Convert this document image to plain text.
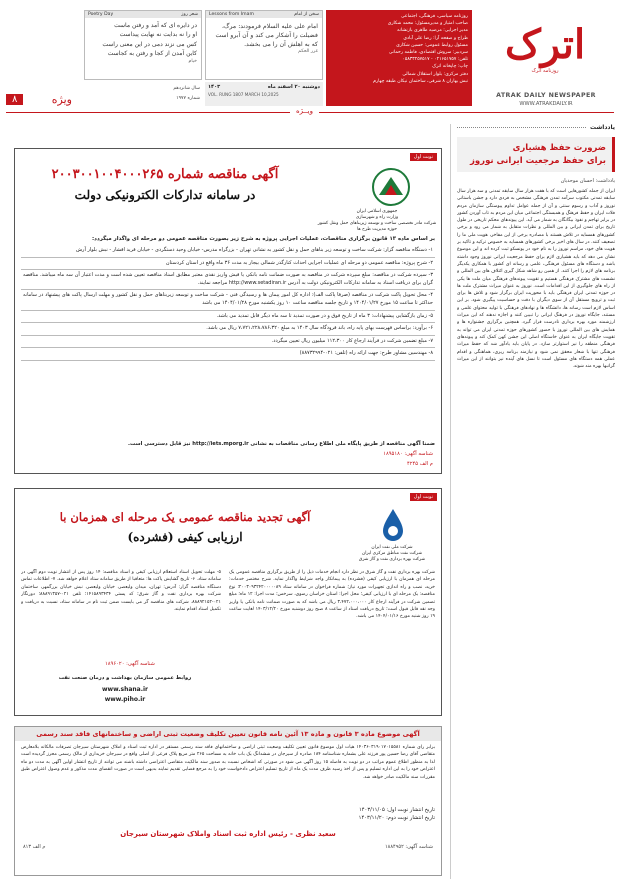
اترک
روزنامه اترک
ATRAK DAILY NEWSPAPER
WWW.ATRAKDAILY.IR
روزنامه سیاسی، فرهنگی، اجتماعی
صاحب امتیاز و مدیرمسئول: محمد شکاری
مدیر اجرایی: مرضیه طاهری بازنشانه
طراح و صفحه آرا: رضا علی آبادی
مسئول روابط عمومی: حسین شکاری
سردبیر: سروش اقتصادی، فاطمه رحمانی
تلفن: ۰۲۱۶۵۱۷۵۷ - ۰۵۸۳۳۲۵۷۵۱۷
چاپ: چاپخانه اترک
دفتر مرکزی: بلوار استقلال شمالی
نبش بهاران ۸ شرقی، ساختمان نیکان طبقه چهارم
سخن از امام
Lessons from Imam
امام علی علیه السلام فرمودند: مرگ، فضیلت را آشکار می کند و آن آبرو است که به اهلش آن را می بخشد.
غرر الحکم
شعر روز
Poetry Day
در دایره ای که آمد و رفتن ماست
او را نه بدایت نه نهایت پیداست
کس می نزند دمی در این معنی راست
کاین آمدن از کجا و رفتن به کجاست
خیام
دوشنبه ۲۰ اسفند ماه
۱۴۰۳
VOL. RUNG 1807 MARCH 10,2025
سال شانزدهم
شماره ۱۹۷۷
ویژه
۸
ویــژه
یادداشت
ضرورت حفظ هشیاری
برای حفظ مرجعیت ایرانی نوروز
یادداشت: احسان موحدیان
ایران از جمله کشورهایی است که با هفت هزار سال سابقه تمدنی و سه هزار سال سابقه تمدنی مکتوب سرآمد تمدن فرهنگی مشخص به فردی دارد و جشن باستانی نوروز و آداب و رسوم سنتی و آن از جمله عوامل تداوم پیوستگی سازمان مردم فلات ایران و حفظ فرهنگ و همبستگی اجتماعی میان این مردم به تاب آوردن کشور در برابر تهاجم و نفوذ بیگانگان به شمار می آید. این پیوندهای محکم تاریخی در طول تاریخ برای تمدن ایرانی و بین المللی و نظرات متقابل به شمار می رود و برخی کشورهای همسایه در تلاش هستند با مصادره برخی از این مفاخر، هویت ملی ما را تضعیف کنند. در سال های اخیر برخی کشورهای همسایه به خصوص ترکیه و تاکید بر هویت های خود، مراسم نوروز را به نام خود در یونسکو ثبت کرده اند و این موضوع نشان می دهد که باید هشیاری لازم برای حفظ مرجعیت ایرانی نوروز وجود داشته باشد و دستگاه های مسئول فرهنگی، علمی و رسانه ای کشور با همکاری یکدیگر برنامه های لازم را اجرا کنند. از همین رو شاهد شکل گیری ائتلاف های بین المللی و نشست های مشترک فرهنگی هستیم و تقویت پیوندهای فرهنگی میان ملت ها یکی از راه های جلوگیری از این اقدامات است. نوروز به عنوان میراث مشترک ملت ها در حوزه تمدنی ایران فرهنگی باید با محوریت ایران برگزار شود و تلاش ها برای ثبت و ترویج مستقل آن از سوی دیگران با دقت و حساسیت پیگیری شود. بر این اساس لازم است رسانه ها، دانشگاه ها و نهادهای فرهنگی با تولید محتوای علمی و مستند، جایگاه نوروز در فرهنگ ایرانی را تبیین کنند و اجازه ندهند که این میراث ارزشمند مورد بهره برداری نادرست قرار گیرد. همچنین برگزاری جشنواره ها و همایش های بین المللی نوروز با حضور کشورهای حوزه تمدنی ایران می تواند به تقویت جایگاه ایران به عنوان خاستگاه اصلی این جشن کهن کمک کند و پیوندهای فرهنگی منطقه را نیز استوارتر سازد. در پایان باید یادآور شد که حفظ میراث فرهنگی تنها با شعار محقق نمی شود و نیازمند برنامه ریزی، هماهنگی و اقدام عملی همه دستگاه های مسئول است تا نسل های آینده نیز بتوانند از این میراث گرانبها بهره مند شوند.
نوبت اول
جمهوری اسلامی ایران
وزارت راه و شهرسازی
شرکت مادر تخصصی ساخت و توسعه زیربناهای حمل ونقل کشور
حوزه مدیریت طرح ها
آگهی مناقصه شماره ۲۰۰۳۰۰۱۰۰۴۰۰۰۲۶۵
در سامانه تدارکات الکترونیکی دولت
بر اساس ماده ۱۳ قانون برگزاری مناقصات، عملیات اجرایی پروژه به شرح زیر بصورت مناقصه عمومی دو مرحله ای واگذار میگردد:
۱- دستگاه مناقصه گزار: شرکت ساخت و توسعه زیر بناهای حمل و نقل کشور به نشانی تهران - بزرگراه مدرس- خیابان وحید دستگردی - خیابان فرید افشار - نبش بلوار آرش
۲- شرح پروژه: مناقصه عمومی دو مرحله ای عملیات اجرایی احداث کنارگذر شمالی بیجار به مدت ۳۶ ماه واقع در استان کردستان
۳- سپرده شرکت در مناقصه: مبلغ سپرده شرکت در مناقصه به صورت ضمانت نامه بانکی یا فیش واریز نقدی معتبر مطابق اسناد مناقصه تعیین شده است و مدت اعتبار آن سه ماه میباشد. مناقصه گران برای دریافت اسناد به سامانه تدارکات الکترونیکی دولت به آدرس http://www.setadiran.ir مراجعه نمایند.
۴- محل تحویل پاکت شرکت در مناقصه (صرفا پاکت الف): اداره کل امور پیمان ها و رسیدگی فنی - شرکت ساخت و توسعه زیربناهای حمل و نقل کشور و مهلت ارسال پاکت های پیشنهاد در سامانه حداکثر تا ساعت ۱۵ مورخ ۱۴۰۴/۰۱/۲۷ و تاریخ جلسه مناقصه ساعت ۱۰ روز یکشنبه مورخ ۱۴۰۴/۰۱/۲۸ می باشد
۵- زمان بازگشایی پیشنهادات: ۳ ماه از تاریخ فوق و در صورت تمدید تا سه ماه دیگر قابل تمدید می باشد.
۶- برآورد: براساس فهرست بهای پایه راه، باند فرودگاه سال ۱۴۰۳ به مبلغ ۷،۷۲۱،۲۲۸،۷۸۶،۳۲۰ ریال می باشد.
۷- مبلغ تضمین شرکت در فرآیند ارجاع کار ۱۱۲،۳۰۰ میلیون ریال تعیین میگردد.
۸- مهندسین مشاور طرح: جهت ارائه راه (تلفن: ۰۲۱-۸۸۷۳۲۹۹۴)
ضمنا آگهی مناقصه از طریق پایگاه ملی اطلاع رسانی مناقصات به نشانی http://iets.mporg.ir نیز قابل دسترسی است.
شناسه آگهی: ۱۸۹۵۱۸۰
م الف ۴۲۴۵
نوبت اول
شرکت ملی نفت ایران
شرکت نفت مناطق مرکزی ایران
شرکت بهره برداری نفت و گاز شرق
آگهی تجدید مناقصه عمومی یک مرحله ای همزمان با
ارزیابی کیفی (فشرده)
شرکت بهره برداری نفت و گاز شرق در نظر دارد انجام خدمات ذیل را از طریق برگزاری مناقصه عمومی یک مرحله ای همزمان با ارزیابی کیفی (فشرده) به پیمانکار واجد شرایط واگذار نماید. شرح مختصر خدمات: خرید، نصب و راه اندازی تجهیزات مورد نیاز؛ شماره فراخوان در سامانه ستاد ۲۰۰۳۰۹۳۲۴۲۰۰۰۰۰۸۹؛ نوع مناقصه: یک مرحله ای با ارزیابی کیفی؛ محل اجرا: استان خراسان رضوی، سرخس؛ مدت اجرا: ۱۲ ماه؛ مبلغ تضمین شرکت در فرآیند ارجاع کار ۳،۴۷۲،۰۰۰،۰۰۰ ریال می باشد که به صورت ضمانت نامه بانکی یا واریز وجه نقد قابل قبول است؛ تاریخ دریافت اسناد از ساعت ۸ صبح روز دوشنبه مورخ ۱۴۰۳/۱۲/۲۰ لغایت ساعت ۱۹ روز شنبه مورخ ۱۴۰۴/۰۱/۱۶ می باشد.
۵- مهلت تحویل اسناد استعلام ارزیابی کیفی و اسناد مناقصه: ۱۴ روز پس از انتشار نوبت دوم آگهی در سامانه ستاد. ۶- تاریخ گشایش پاکت ها: متعاقبا از طریق سامانه ستاد اعلام خواهد شد. ۷- اطلاعات تماس دستگاه مناقصه گزار: آدرس: تهران، میدان ولیعصر، خیابان ولیعصر، نبش خیابان بزرگمهر، ساختمان شرکت بهره برداری نفت و گاز شرق؛ کد پستی ۱۴۱۵۸۹۳۴۳۴؛ تلفن ۰۲۱-۸۸۸۹۱۳۵۷؛ دورنگار ۰۲۱-۸۸۸۹۲۱۵۲. شرکت های مناقصه گر می بایست ضمن ثبت نام در سامانه ستاد، نسبت به دریافت و تکمیل اسناد اقدام نمایند.
شناسه آگهی: ۱۸۹۶۰۲۰
روابط عمومی سازمان بهداشت و درمان صنعت نفت
www.shana.ir
www.piho.ir
آگهی موضوع ماده ۳ قانون و ماده ۱۳ آئین نامه قانون تعیین تکلیف وضعیت ثبتی اراضی و ساختمانهای فاقد سند رسمی
برابر رای شماره ۱۴۰۳۶۰۳۱۹۰۱۷۰۱۵۵۸۱ هیات اول موضوع قانون تعیین تکلیف وضعیت ثبتی اراضی و ساختمانهای فاقد سند رسمی مستقر در اداره ثبت اسناد و املاک شهرستان سیرجان تصرفات مالکانه بلامعارض متقاضی آقای رضا حسین پور فرزند علی بشماره شناسنامه ۱۸۴ صادره از سیرجان در ششدانگ یک باب خانه به مساحت ۲۶۵ متر مربع پلاک فرعی از اصلی واقع در سیرجان خریداری از مالک رسمی محرز گردیده است لذا به منظور اطلاع عموم مراتب در دو نوبت به فاصله ۱۵ روز آگهی می شود در صورتی که اشخاص نسبت به صدور سند مالکیت متقاضی اعتراضی داشته باشند می توانند از تاریخ انتشار اولین آگهی به مدت دو ماه اعتراض خود را به این اداره تسلیم و پس از اخذ رسید ظرف مدت یک ماه از تاریخ تسلیم اعتراض دادخواست خود را به مرجع قضایی تقدیم نمایند بدیهی است در صورت انقضای مدت مذکور و عدم وصول اعتراض طبق مقررات سند مالکیت صادر خواهد شد.
تاریخ انتشار نوبت اول: ۱۴۰۳/۱۱/۰۵
تاریخ انتشار نوبت دوم: ۱۴۰۳/۱۱/۲۰
سعید نظری - رئیس اداره ثبت اسناد واملاک شهرستان سیرجان
شناسه آگهی: ۱۸۸۴۹۵۲
م الف ۸۱۳
